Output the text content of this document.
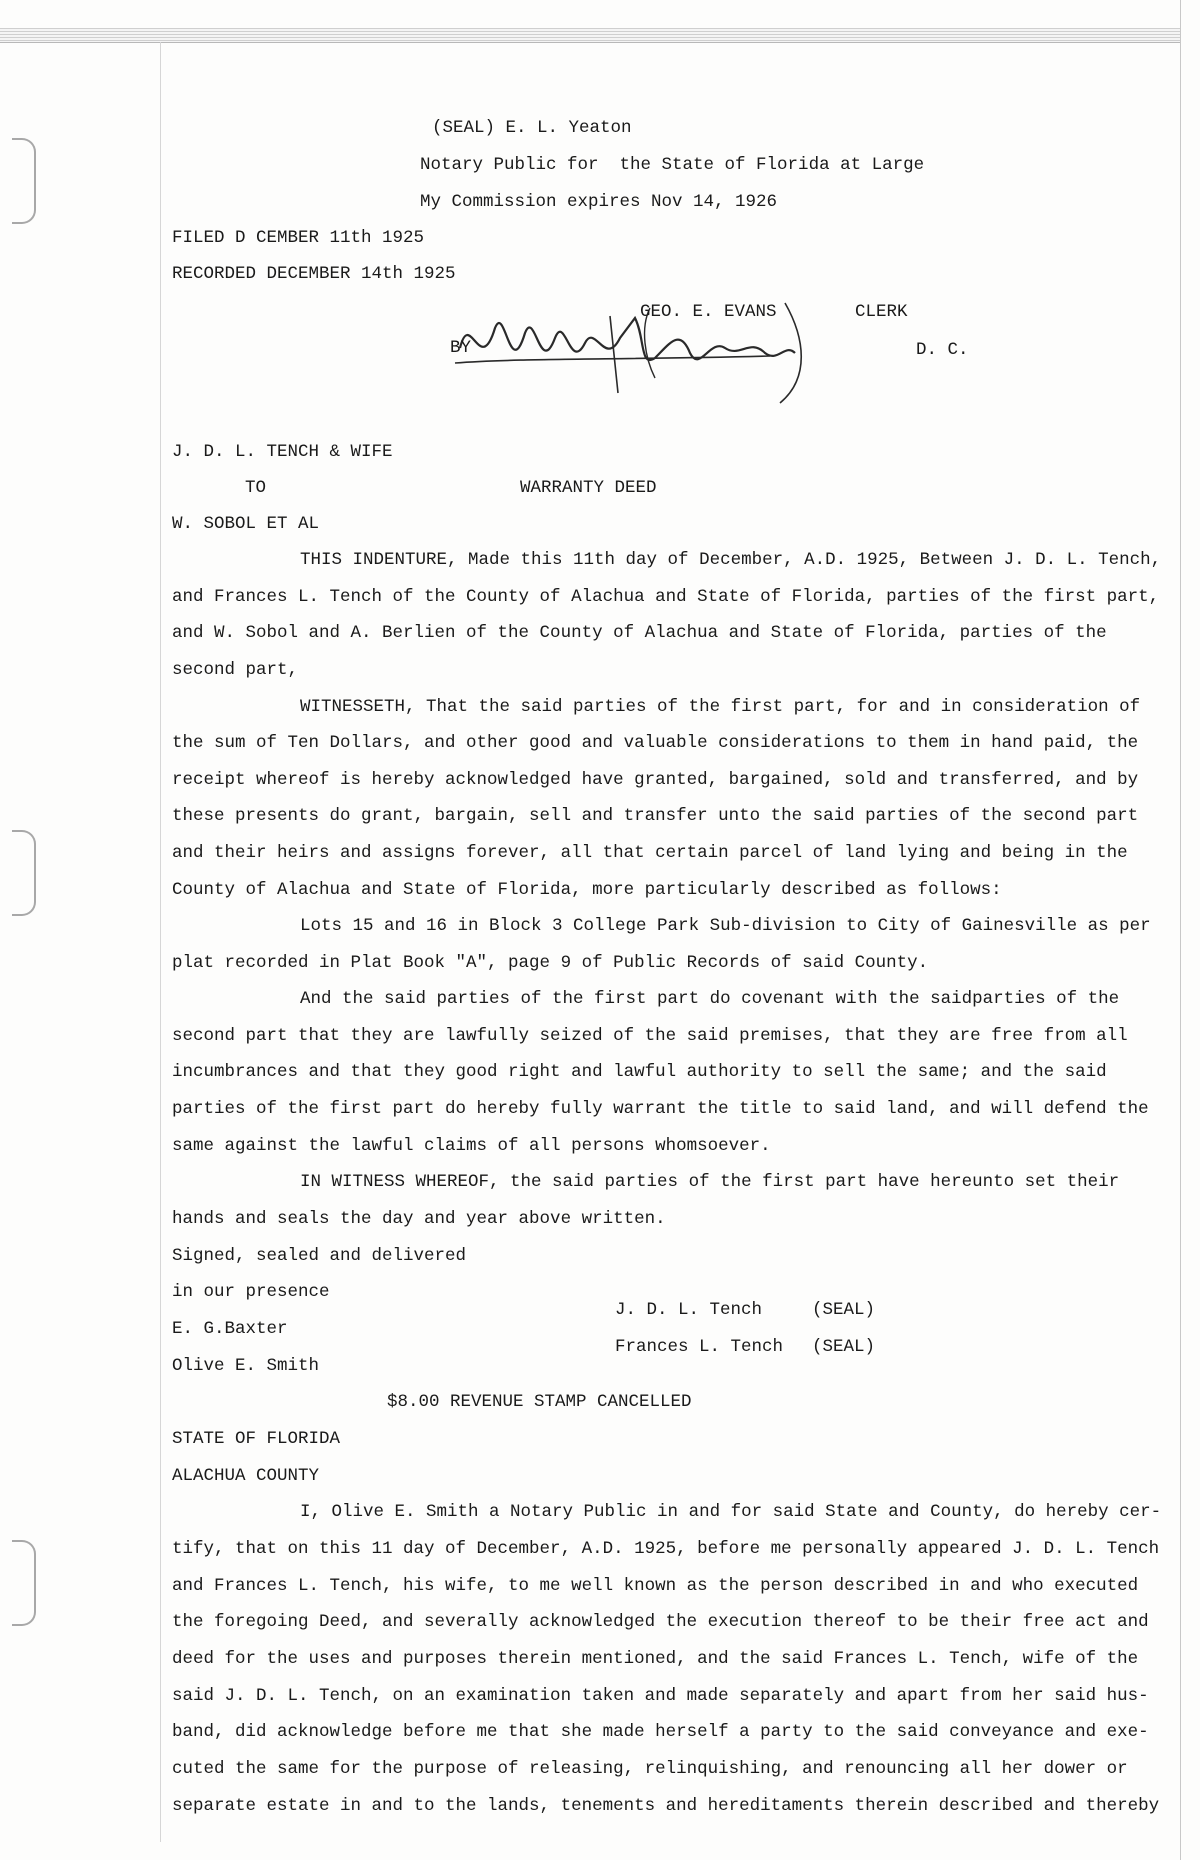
(SEAL) E. L. Yeaton
Notary Public for  the State of Florida at Large
My Commission expires Nov 14, 1926
FILED D CEMBER 11th 1925
RECORDED DECEMBER 14th 1925
GEO. E. EVANS	CLERK
BY	D. C.
J. D. L. TENCH & WIFE
TO	WARRANTY DEED
W. SOBOL ET AL
THIS INDENTURE, Made this 11th day of December, A.D. 1925, Between J. D. L. Tench,
and Frances L. Tench of the County of Alachua and State of Florida, parties of the first part,
and W. Sobol and A. Berlien of the County of Alachua and State of Florida, parties of the
second part,
WITNESSETH, That the said parties of the first part, for and in consideration of
the sum of Ten Dollars, and other good and valuable considerations to them in hand paid, the
receipt whereof is hereby acknowledged have granted, bargained, sold and transferred, and by
these presents do grant, bargain, sell and transfer unto the said parties of the second part
and their heirs and assigns forever, all that certain parcel of land lying and being in the
County of Alachua and State of Florida, more particularly described as follows:
Lots 15 and 16 in Block 3 College Park Sub-division to City of Gainesville as per
plat recorded in Plat Book "A", page 9 of Public Records of said County.
And the said parties of the first part do covenant with the saidparties of the
second part that they are lawfully seized of the said premises, that they are free from all
incumbrances and that they good right and lawful authority to sell the same; and the said
parties of the first part do hereby fully warrant the title to said land, and will defend the
same against the lawful claims of all persons whomsoever.
IN WITNESS WHEREOF, the said parties of the first part have hereunto set their
hands and seals the day and year above written.
Signed, sealed and delivered
in our presence
E. G.Baxter
Olive E. Smith
J. D. L. Tench	(SEAL)
Frances L. Tench (SEAL)
$8.00 REVENUE STAMP CANCELLED
STATE OF FLORIDA
ALACHUA COUNTY
I, Olive E. Smith a Notary Public in and for said State and County, do hereby cer-
tify, that on this 11 day of December, A.D. 1925, before me personally appeared J. D. L. Tench
and Frances L. Tench, his wife, to me well known as the person described in and who executed
the foregoing Deed, and severally acknowledged the execution thereof to be their free act and
deed for the uses and purposes therein mentioned, and the said Frances L. Tench, wife of the
said J. D. L. Tench, on an examination taken and made separately and apart from her said hus-
band, did acknowledge before me that she made herself a party to the said conveyance and exe-
cuted the same for the purpose of releasing, relinquishing, and renouncing all her dower or
separate estate in and to the lands, tenements and hereditaments therein described and thereby
